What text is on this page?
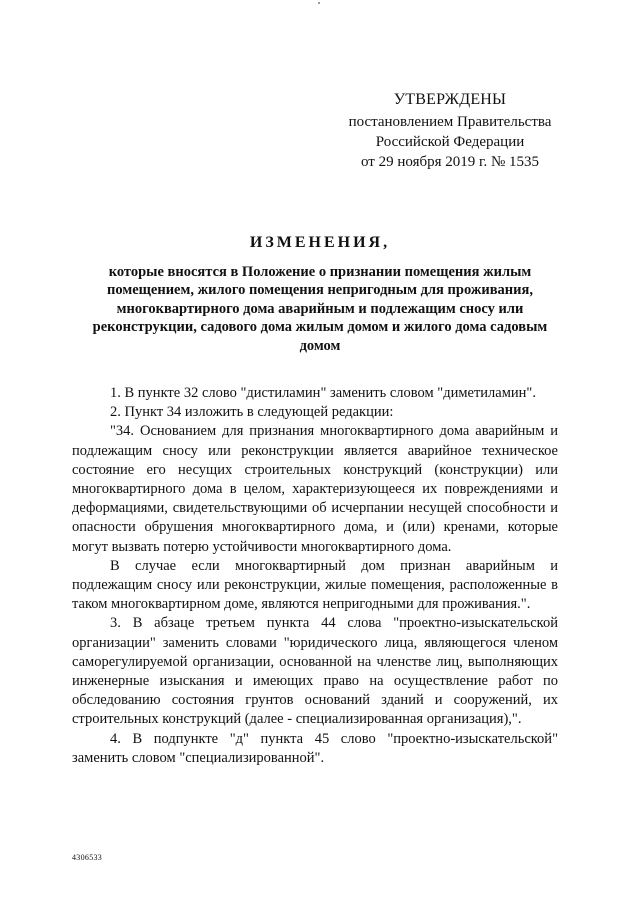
УТВЕРЖДЕНЫ
постановлением Правительства
Российской Федерации
от 29 ноября 2019 г. № 1535
ИЗМЕНЕНИЯ,
которые вносятся в Положение о признании помещения жилым помещением, жилого помещения непригодным для проживания, многоквартирного дома аварийным и подлежащим сносу или реконструкции, садового дома жилым домом и жилого дома садовым домом

1. В пункте 32 слово "дистиламин" заменить словом "диметиламин".

2. Пункт 34 изложить в следующей редакции:

"34. Основанием для признания многоквартирного дома аварийным и подлежащим сносу или реконструкции является аварийное техническое состояние его несущих строительных конструкций (конструкции) или многоквартирного дома в целом, характеризующееся их повреждениями и деформациями, свидетельствующими об исчерпании несущей способности и опасности обрушения многоквартирного дома, и (или) кренами, которые могут вызвать потерю устойчивости многоквартирного дома.

В случае если многоквартирный дом признан аварийным и подлежащим сносу или реконструкции, жилые помещения, расположенные в таком многоквартирном доме, являются непригодными для проживания.".

3. В абзаце третьем пункта 44 слова "проектно-изыскательской организации" заменить словами "юридического лица, являющегося членом саморегулируемой организации, основанной на членстве лиц, выполняющих инженерные изыскания и имеющих право на осуществление работ по обследованию состояния грунтов оснований зданий и сооружений, их строительных конструкций (далее - специализированная организация),".

4. В подпункте "д" пункта 45 слово "проектно-изыскательской" заменить словом "специализированной".

4306533
